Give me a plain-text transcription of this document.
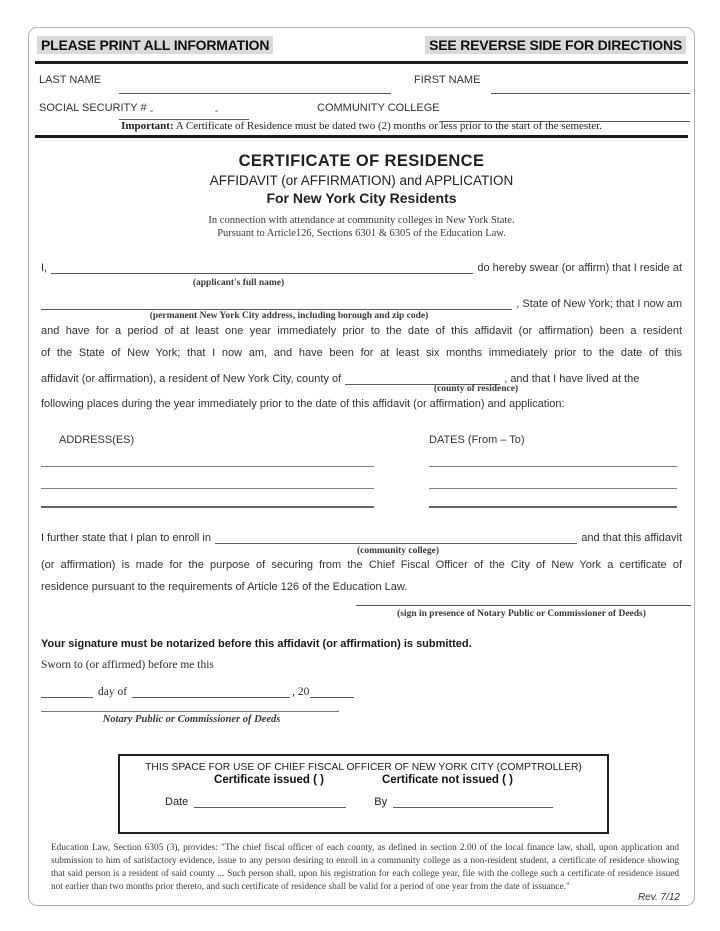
PLEASE PRINT ALL INFORMATION	SEE REVERSE SIDE FOR DIRECTIONS
LAST NAME	FIRST NAME
SOCIAL SECURITY # -	-	COMMUNITY COLLEGE
Important: A Certificate of Residence must be dated two (2) months or less prior to the start of the semester.
CERTIFICATE OF RESIDENCE
AFFIDAVIT (or AFFIRMATION) and APPLICATION
For New York City Residents
In connection with attendance at community colleges in New York State.
Pursuant to Article126, Sections 6301 & 6305 of the Education Law.
I,	do hereby swear (or affirm) that I reside at
(applicant's full name)
, State of New York; that I now am
(permanent New York City address, including borough and zip code)
and have for a period of at least one year immediately prior to the date of this affidavit (or affirmation) been a resident
of the State of New York; that I now am, and have been for at least six months immediately prior to the date of this
affidavit (or affirmation), a resident of New York City, county of	, and that I have lived at the
(county of residence)
following places during the year immediately prior to the date of this affidavit (or affirmation) and application:
ADDRESS(ES)	DATES (From – To)
I further state that I plan to enroll in	and that this affidavit
(community college)
(or affirmation) is made for the purpose of securing from the Chief Fiscal Officer of the City of New York a certificate of
residence pursuant to the requirements of Article 126 of the Education Law.
(sign in presence of Notary Public or Commissioner of Deeds)
Your signature must be notarized before this affidavit (or affirmation) is submitted.
Sworn to (or affirmed) before me this
day of	, 20
Notary Public or Commissioner of Deeds
THIS SPACE FOR USE OF CHIEF FISCAL OFFICER OF NEW YORK CITY (COMPTROLLER)
Certificate issued ( )	Certificate not issued ( )
Date	By
Education Law, Section 6305 (3), provides: "The chief fiscal officer of each county, as defined in section 2.00 of the local finance law, shall, upon application and submission to him of satisfactory evidence, issue to any person desiring to enroll in a community college as a non-resident student, a certificate of residence showing that said person is a resident of said county ... Such person shall, upon his registration for each college year, file with the college such a certificate of residence issued not earlier than two months prior thereto, and such certificate of residence shall be valid for a period of one year from the date of issuance."
Rev. 7/12
